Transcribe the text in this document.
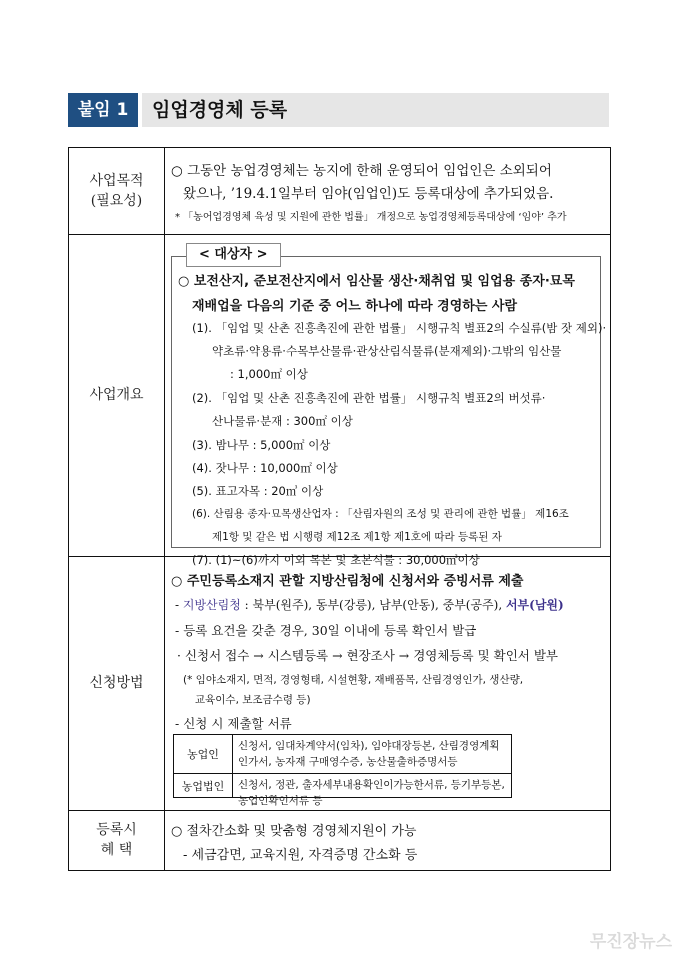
붙임 1	임업경영체 등록
사업목적
(필요성)
○ 그동안 농업경영체는 농지에 한해 운영되어 임업인은 소외되어
왔으나, ’19.4.1일부터 임야(임업인)도 등록대상에 추가되었음.
* 「농어업경영체 육성 및 지원에 관한 법률」 개정으로 농업경영체등록대상에 ‘임야’ 추가
사업개요
< 대상자 >
○ 보전산지, 준보전산지에서 임산물 생산·채취업 및 임업용 종자·묘목
재배업을 다음의 기준 중 어느 하나에 따라 경영하는 사람
(1). 「임업 및 산촌 진흥촉진에 관한 법률」 시행규칙 별표2의 수실류(밤 잣 제외)·
약초류·약용류·수목부산물류·관상산림식물류(분재제외)·그밖의 임산물
: 1,000㎡ 이상
(2). 「임업 및 산촌 진흥촉진에 관한 법률」 시행규칙 별표2의 버섯류·
산나물류·분재 : 300㎡ 이상
(3). 밤나무 : 5,000㎡ 이상
(4). 잣나무 : 10,000㎡ 이상
(5). 표고자목 : 20㎥ 이상
(6). 산림용 종자·묘목생산업자 : 「산림자원의 조성 및 관리에 관한 법률」 제16조
제1항 및 같은 법 시행령 제12조 제1항 제1호에 따라 등록된 자
(7). (1)~(6)까지 이외 목본 및 초본식물 : 30,000㎡이상
신청방법
○ 주민등록소재지 관할 지방산림청에 신청서와 증빙서류 제출
- 지방산림청 : 북부(원주), 동부(강릉), 남부(안동), 중부(공주), 서부(남원)
- 등록 요건을 갖춘 경우, 30일 이내에 등록 확인서 발급
· 신청서 접수 → 시스템등록 → 현장조사 → 경영체등록 및 확인서 발부
(* 임야소재지, 면적, 경영형태, 시설현황, 재배품목, 산림경영인가, 생산량,
교육이수, 보조금수령 등)
- 신청 시 제출할 서류
농업인
신청서, 임대차계약서(임차), 임야대장등본, 산림경영계획인가서, 농자재 구매영수증, 농산물출하증명서등
농업법인	신청서, 정관, 출자세부내용확인이가능한서류, 등기부등본, 농업인확인서류 등
등록시
혜 택
○ 절차간소화 및 맞춤형 경영체지원이 가능
- 세금감면, 교육지원, 자격증명 간소화 등
무진장뉴스
